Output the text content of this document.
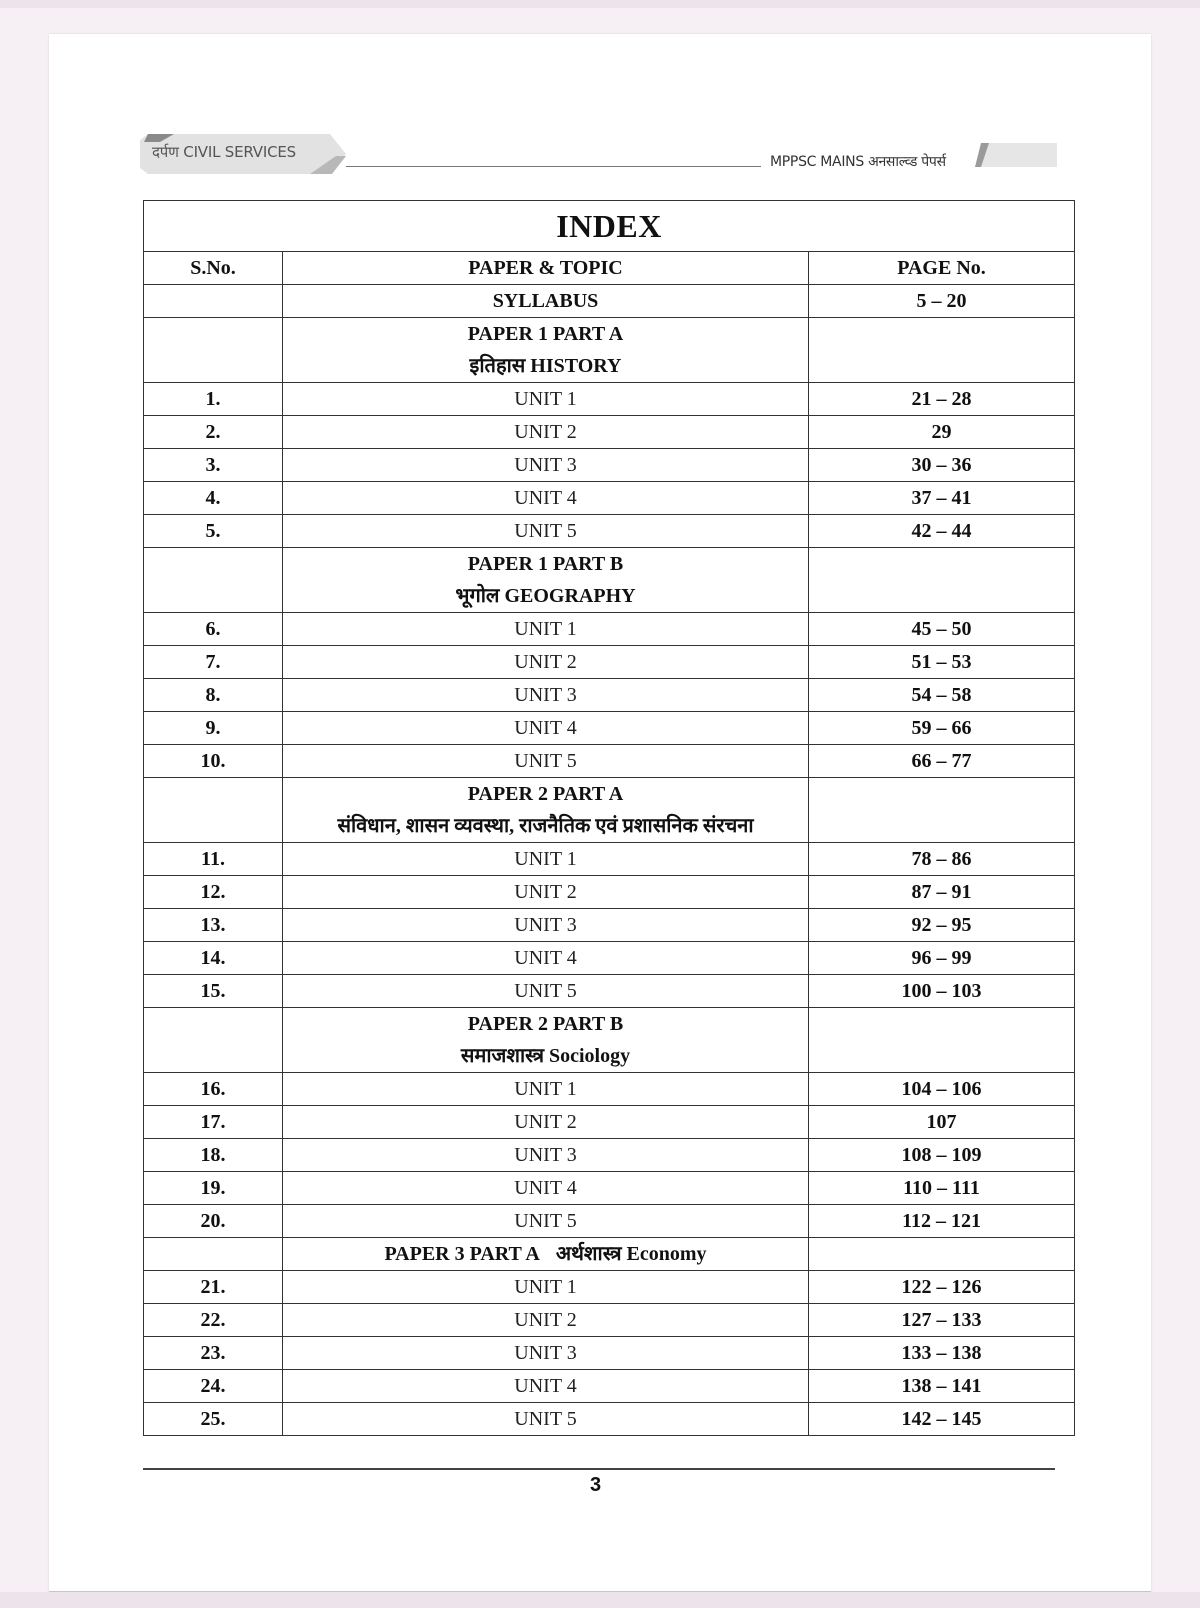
दर्पण CIVIL SERVICES
MPPSC MAINS अनसाल्व्ड पेपर्स
INDEX		
S.No.	PAPER & TOPIC	PAGE No.
	SYLLABUS	5 – 20

	PAPER 1 PART A
इतिहास HISTORY	

1.	UNIT 1	21 – 28
2.	UNIT 2	29
3.	UNIT 3	30 – 36
4.	UNIT 4	37 – 41
5.	UNIT 5	42 – 44

	PAPER 1 PART B
भूगोल GEOGRAPHY	

6.	UNIT 1	45 – 50
7.	UNIT 2	51 – 53
8.	UNIT 3	54 – 58
9.	UNIT 4	59 – 66
10.	UNIT 5	66 – 77

	PAPER 2 PART A
संविधान, शासन व्यवस्था, राजनैतिक एवं प्रशासनिक संरचना	

11.	UNIT 1	78 – 86
12.	UNIT 2	87 – 91
13.	UNIT 3	92 – 95
14.	UNIT 4	96 – 99
15.	UNIT 5	100 – 103

	PAPER 2 PART B
समाजशास्त्र Sociology	

16.	UNIT 1	104 – 106
17.	UNIT 2	107
18.	UNIT 3	108 – 109
19.	UNIT 4	110 – 111
20.	UNIT 5	112 – 121
	PAPER 3 PART A अर्थशास्त्र Economy	
21.	UNIT 1	122 – 126
22.	UNIT 2	127 – 133
23.	UNIT 3	133 – 138
24.	UNIT 4	138 – 141
25.	UNIT 5	142 – 145
3
